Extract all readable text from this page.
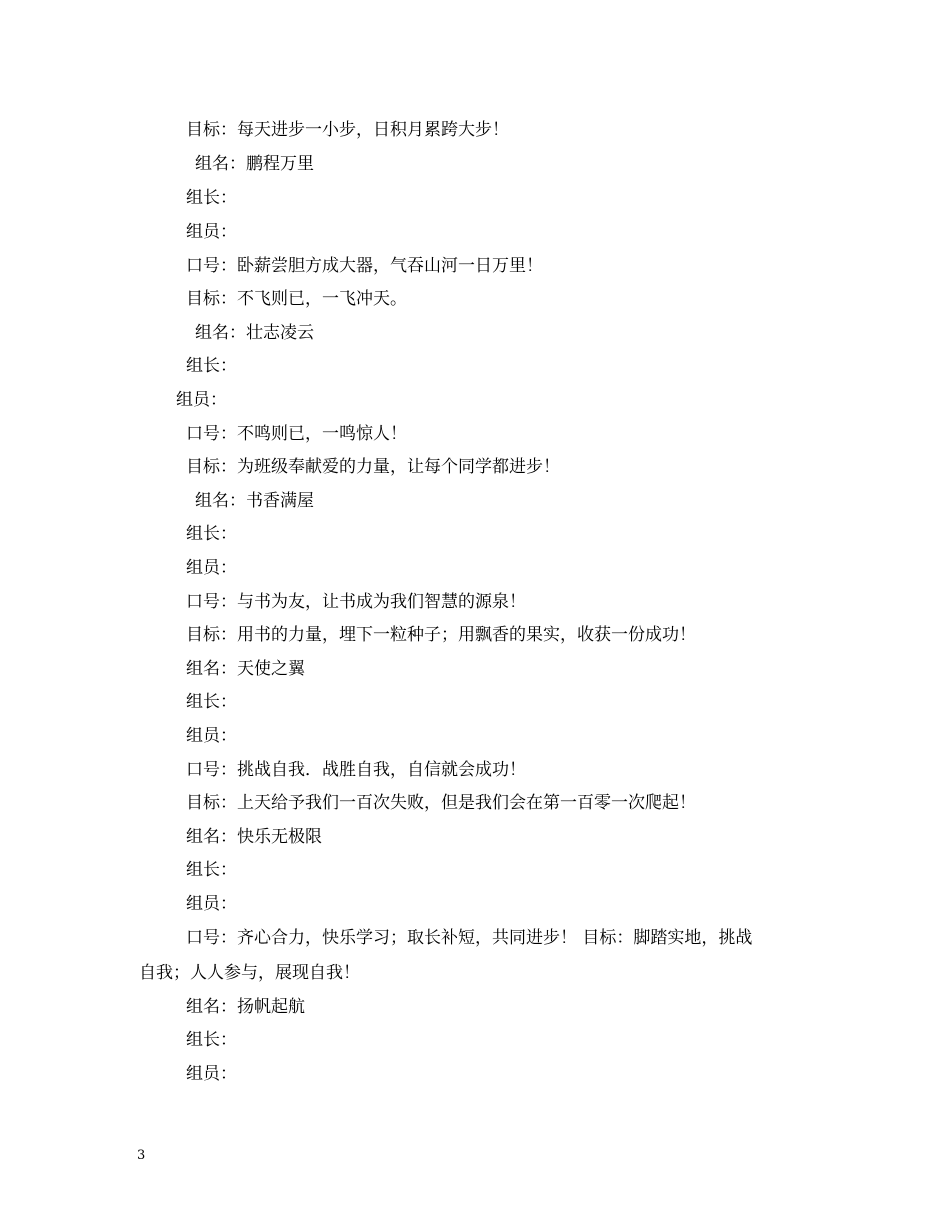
目标：每天进步一小步，日积月累跨大步！
组名：鹏程万里
组长：
组员：
口号：卧薪尝胆方成大器，气吞山河一日万里！
目标：不飞则已，一飞冲天。
组名：壮志凌云
组长：
组员：
口号：不鸣则已，一鸣惊人！
目标：为班级奉献爱的力量，让每个同学都进步！
组名：书香满屋
组长：
组员：
口号：与书为友，让书成为我们智慧的源泉！
目标：用书的力量，埋下一粒种子；用飘香的果实，收获一份成功！
组名：天使之翼
组长：
组员：
口号：挑战自我．战胜自我，自信就会成功！
目标：上天给予我们一百次失败，但是我们会在第一百零一次爬起！
组名：快乐无极限
组长：
组员：
口号：齐心合力，快乐学习；取长补短，共同进步！ 目标：脚踏实地，挑战
自我；人人参与，展现自我！
组名：扬帆起航
组长：
组员：
3
